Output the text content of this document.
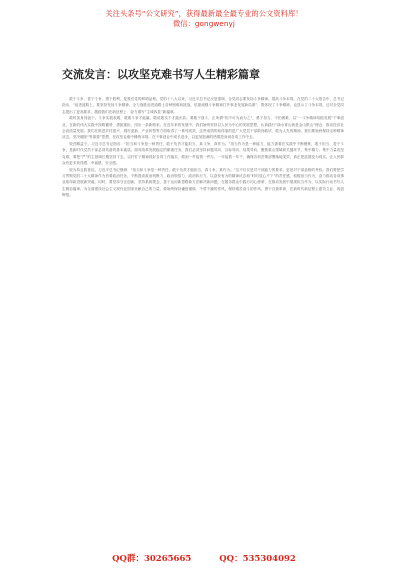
关注头条号“公文研究”，获得最新最全最专业的公文资料库！
微信：gongwenyj
交流发言：以攻坚克难书写人生精彩篇章

敢于斗争、善于斗争、勇于胜利，是我们党的鲜明品格。党的十八大以来，习近平总书记反复强调，全党同志要发扬斗争精神，提高斗争本领。在党的二十大报告中，总书记指出，“前进道路上，要坚持发扬斗争精神，全力战胜前进道路上各种困难和挑战，依靠顽强斗争精神打开事业发展新局面”，既体现了斗争精神，也显示了斗争本领，还对全党同志提出了更高要求，激励我们在新征程上：奋力谱写“主城四县”新篇章。

敢时加身闯创干。斗争实践表明，敢敢斗争才能赢，敢说敢实干才能出彩。要敢于战斗，正所谓“知不可为而为之”，勇于担当、不怕困难，以“一斗争精神培植发展”干事创业，在新的伟大实践中探路蓄势、勇挑重担、闯出一条新路来。在近年来的发展中，我们始终坚持以人民为中心的发展思想，认真践行“绿水青山就是金山银山”理念，推动经济社会高质量发展。我们在推进乡村振兴、城市更新、产业转型等方面取得了一系列成效，这些成绩的取得靠的是广大党员干部敢闯敢试、敢为人先的精神。我们要始终保持这种精神状态，坚决破除“等靠要”思想，在攻坚克难中锤炼本领，在干事创业中成长进步，以更加饱满的热情投身到各项工作中去。

较劲精益干。习近平总书记指出：“担当和斗争是一种责任，敢于负责才能担当，真斗争、真作为。”担当作为是一种能力，能力需要在实践中不断锤炼，敢于担当、善于斗争，是新时代党员干部必须具备的基本素质。面对改革发展稳定的繁重任务，我们必须坚持问题导向、目标导向、结果导向，聚焦重点领域和关键环节，集中精力、集中力量攻坚克难。要把“严”的主基调长期坚持下去，以钉钉子精神抓好各项工作落实，做到一件接着一件办、一年接着一年干，确保各项决策部署落地见效，真正把蓝图变为现实，让人民群众有更多获得感、幸福感、安全感。

较为持且胜喜佳。习近平总书记强调：“担当和斗争是一种责任，敢于负责才能担当，真斗争、真作为。”这不仅仅是对干部能力的要求，更是对干部品格的考验。我们要把学习贯彻党的二十大精神作为首要政治任务，不断提高政治判断力、政治领悟力、政治执行力，以奋发有为的精神状态和“时时放心不下”的责任感，积极担当作为，奋力推动各项事业取得新进展新突破。同时，要坚持守正创新，坚持系统观念，善于运用新思路新方法解决新问题，在服务群众中践行初心使命，在推动发展中展现担当作为，以实际行动书写人生精彩篇章，为全面建设社会主义现代化国家贡献自己的力量。要始终保持谦虚谨慎、不骄不躁的作风，保持艰苦奋斗的作风，勇于自我革命，在新时代新征程上建功立业、再创辉煌。

QQ群：30265665	QQ：535304092
